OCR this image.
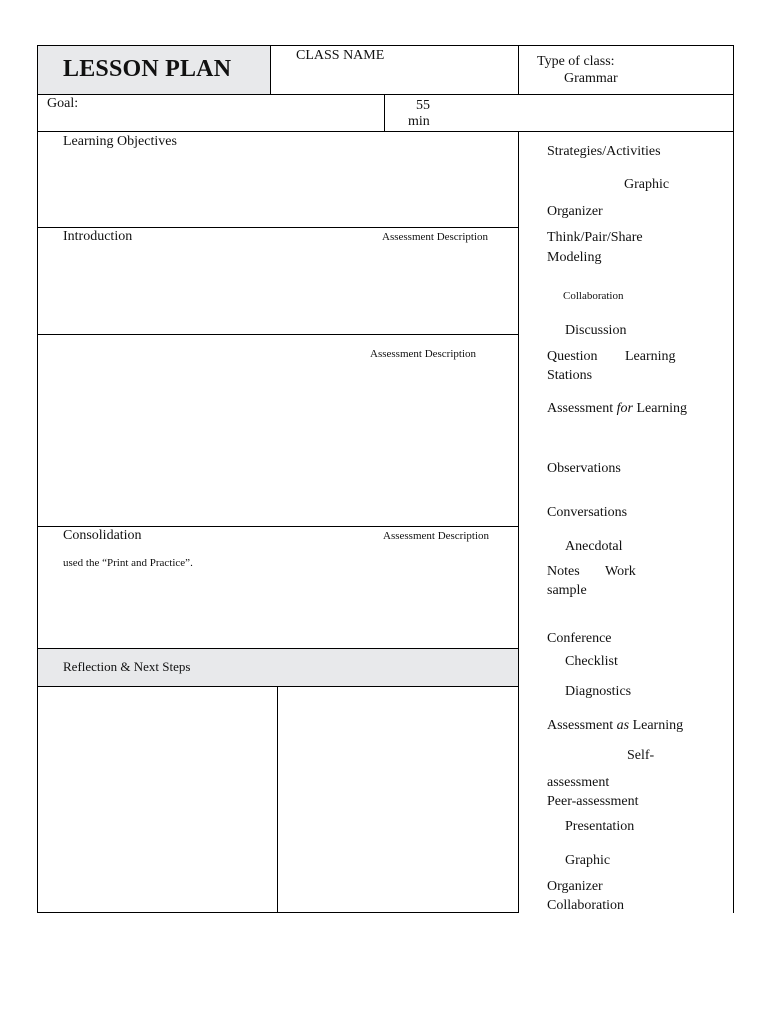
LESSON PLAN
CLASS NAME	Type of class:
Grammar
Goal:	55
min
Learning Objectives
Introduction	Assessment Description
Assessment Description
Consolidation	Assessment Description
used the “Print and Practice”.
Reflection & Next Steps
Strategies/Activities
Graphic
Organizer
Think/Pair/Share
Modeling
Collaboration
Discussion
Question Learning
Stations
Assessment for Learning
Observations
Conversations
Anecdotal
Notes Work
sample
Conference
Checklist
Diagnostics
Assessment as Learning
Self-
assessment
Peer-assessment
Presentation
Graphic
Organizer
Collaboration
